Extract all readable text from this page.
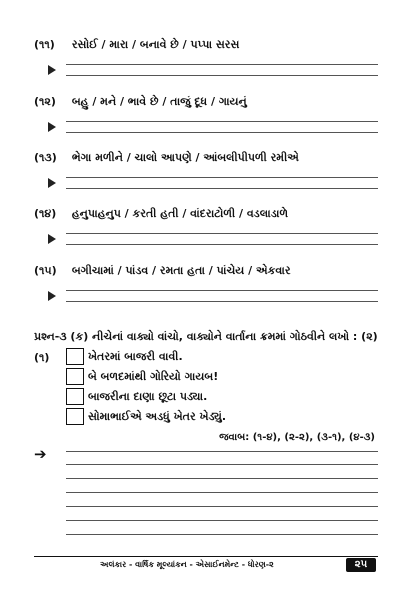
(૧૧) રસોઈ / મારા / બનાવે છે / પપ્પા સરસ
(૧૨) બહુ / મને / ભાવે છે / તાજું દૂધ / ગાયનું
(૧૩) ભેગા મળીને / ચાલો આપણે / આંબલીપીપળી રમીએ
(૧૪) હનુપાહનુપ / કરતી હતી / વાંદરાટોળી / વડલાડાળે
(૧૫) બગીચામાં / પાંડવ / રમતા હતા / પાંચેય / એકવાર
પ્રશ્ન-૩ (ક) નીચેનાં વાક્યો વાંચો, વાક્યોને વાર્તાના ક્રમમાં ગોઠવીને લખો : (૨)
(૧)	ખેતરમાં બાજરી વાવી.
બે બળદમાંથી ગોરિયો ગાયબ!
બાજરીના દાણા છૂટા પડ્યા.
સોમાભાઈએ અડધું ખેતર ખેડ્યું.
જવાબ: (૧-૪), (૨-૨), (૩-૧), (૪-૩)
➔
અલંકાર - વાર્ષિક મૂલ્યાંકન - એસાઈનમેન્ટ - ધોરણ-૨	૨૫
